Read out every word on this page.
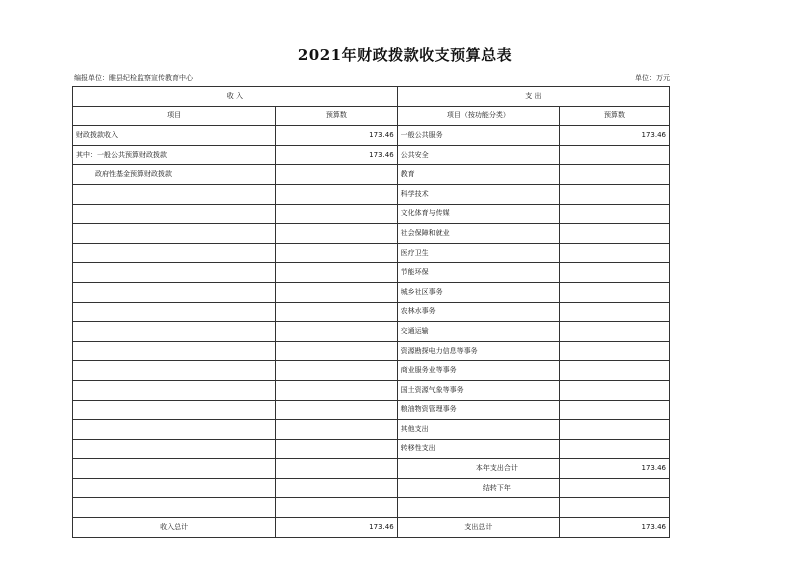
2021年财政拨款收支预算总表
编报单位：睢县纪检监察宣传教育中心	单位：万元
收 入		支 出	
项目	预算数	项目（按功能分类）	预算数
财政拨款收入	173.46	一般公共服务	173.46
其中：一般公共预算财政拨款	173.46	公共安全	
政府性基金预算财政拨款		教育	
		科学技术	
		文化体育与传媒	
		社会保障和就业	
		医疗卫生	
		节能环保	
		城乡社区事务	
		农林水事务	
		交通运输	
		资源勘探电力信息等事务	
		商业服务业等事务	
		国土资源气象等事务	
		粮油物资管理事务	
		其他支出	
		转移性支出	
		本年支出合计	173.46
		结转下年	

收入总计	173.46	支出总计	173.46
